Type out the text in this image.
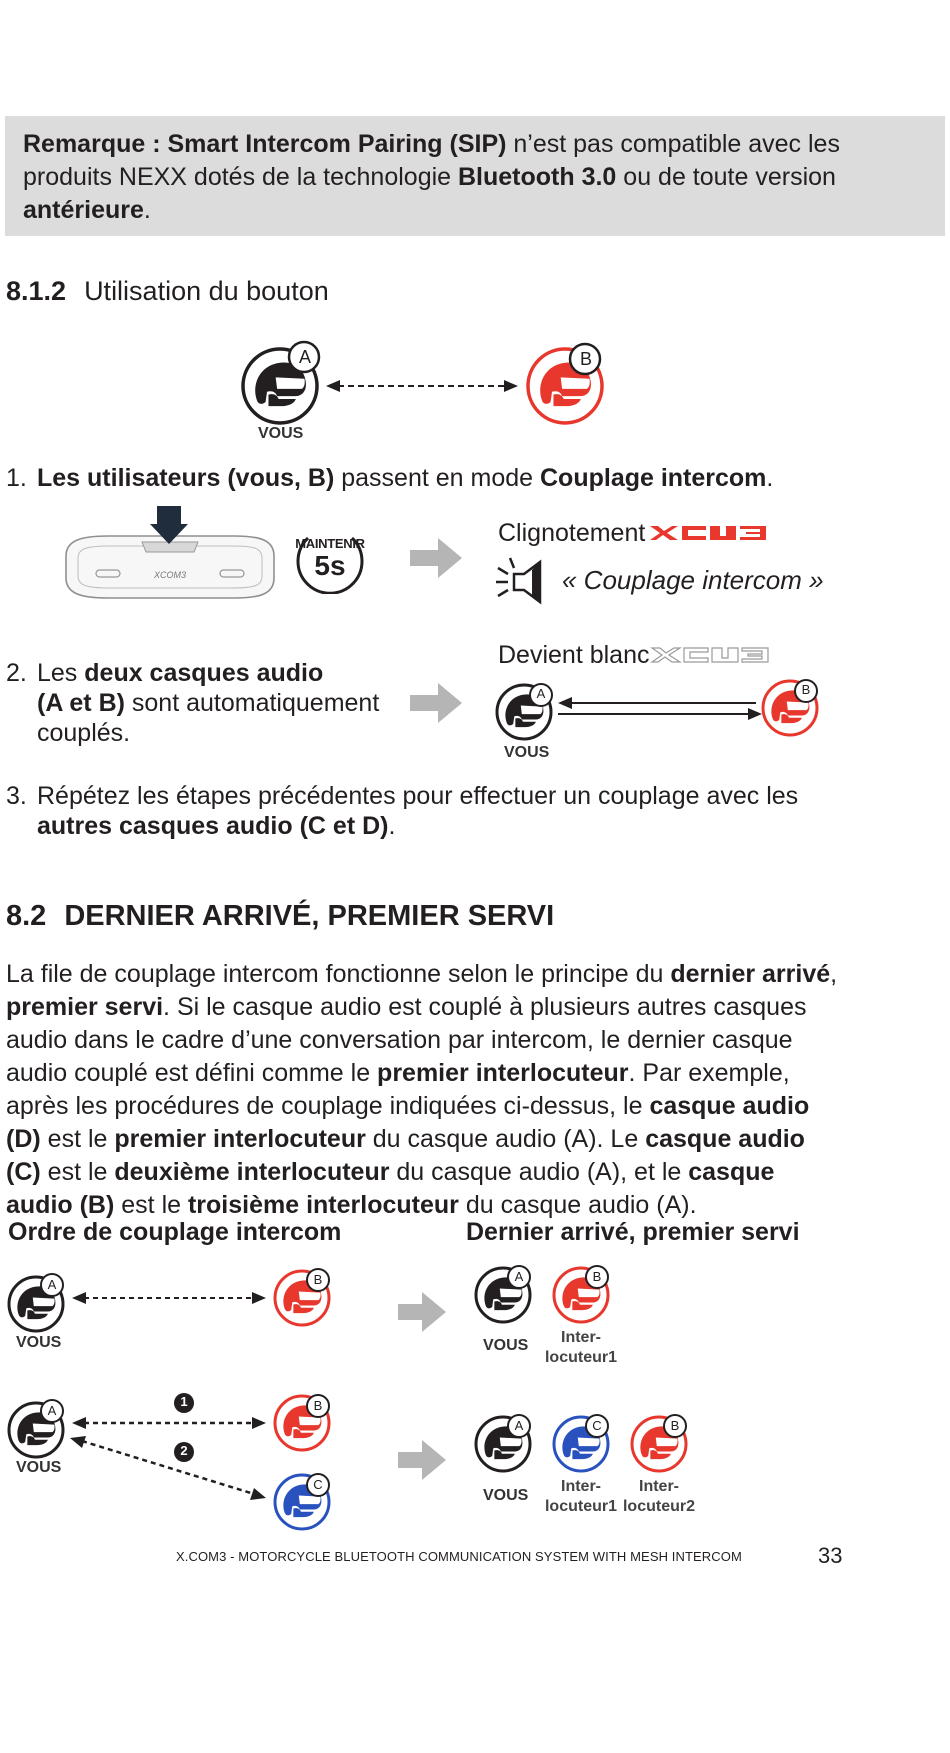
Remarque : Smart Intercom Pairing (SIP) n’est pas compatible avec les produits NEXX dotés de la technologie Bluetooth 3.0 ou de toute version antérieure.
8.1.2 Utilisation du bouton
A	B
VOUS
1. Les utilisateurs (vous, B) passent en mode Couplage intercom.
XCOM3
MAINTENIR
5s
Clignotement
« Couplage intercom »
2. Les deux casques audio
(A et B) sont automatiquement
couplés.
Devient blanc
A	B
VOUS
3. Répétez les étapes précédentes pour effectuer un couplage avec les
autres casques audio (C et D).
8.2 DERNIER ARRIVÉ, PREMIER SERVI
La file de couplage intercom fonctionne selon le principe du dernier arrivé, premier servi. Si le casque audio est couplé à plusieurs autres casques audio dans le cadre d’une conversation par intercom, le dernier casque audio couplé est défini comme le premier interlocuteur. Par exemple, après les procédures de couplage indiquées ci-dessus, le casque audio (D) est le premier interlocuteur du casque audio (A). Le casque audio (C) est le deuxième interlocuteur du casque audio (A), et le casque audio (B) est le troisième interlocuteur du casque audio (A).
Ordre de couplage intercom	Dernier arrivé, premier servi
A	B	A	B
A	B
C
A	C	B
1
2
VOUS	VOUS	Inter-
locuteur1
VOUS
VOUS
Inter-
locuteur1
Inter-
locuteur2
X.COM3 - MOTORCYCLE BLUETOOTH COMMUNICATION SYSTEM WITH MESH INTERCOM	33
